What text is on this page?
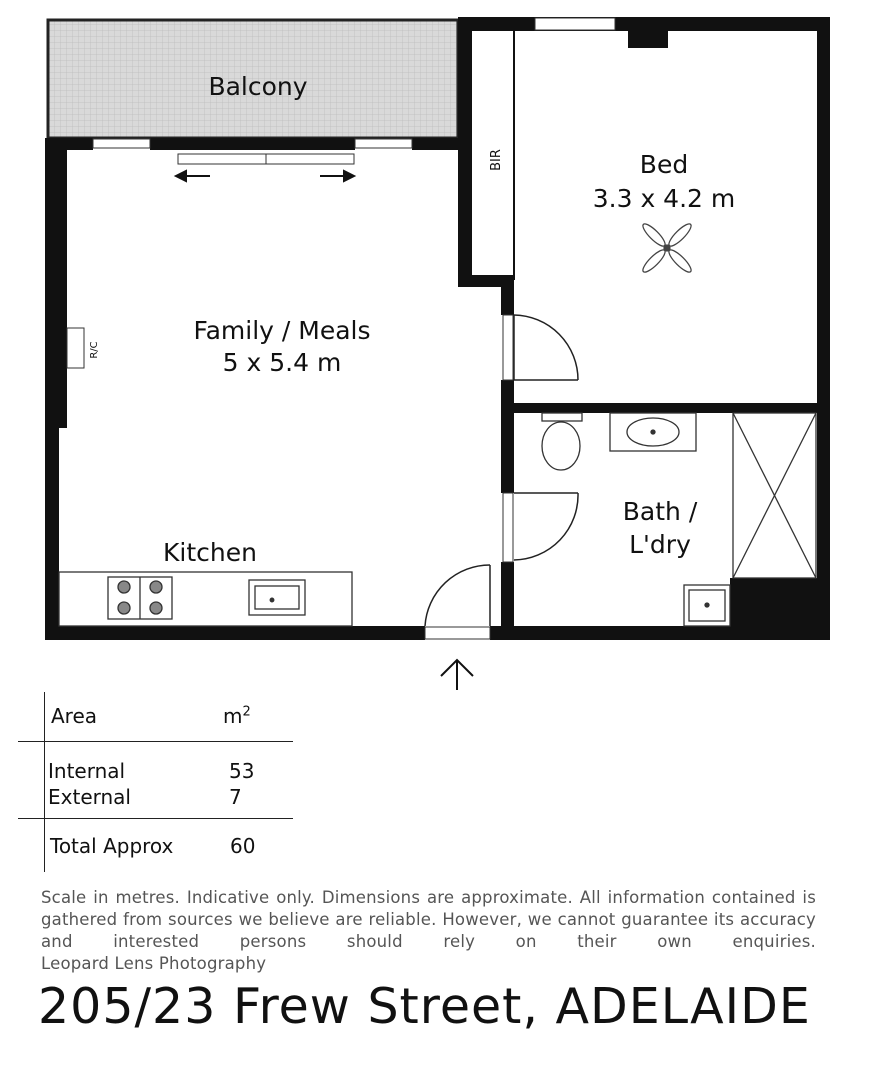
Balcony
BIR	Bed
3.3 x 4.2 m
Family / Meals
5 x 5.4 m
R/C
Kitchen
Bath /
L'dry
Area	$m^2$
Internal	53
External	7
Total Approx	60
Scale in metres. Indicative only. Dimensions are approximate. All information contained is gathered from sources we believe are reliable. However, we cannot guarantee its accuracy and interested persons should rely on their own enquiries.
Leopard Lens Photography
205/23 Frew Street, ADELAIDE
